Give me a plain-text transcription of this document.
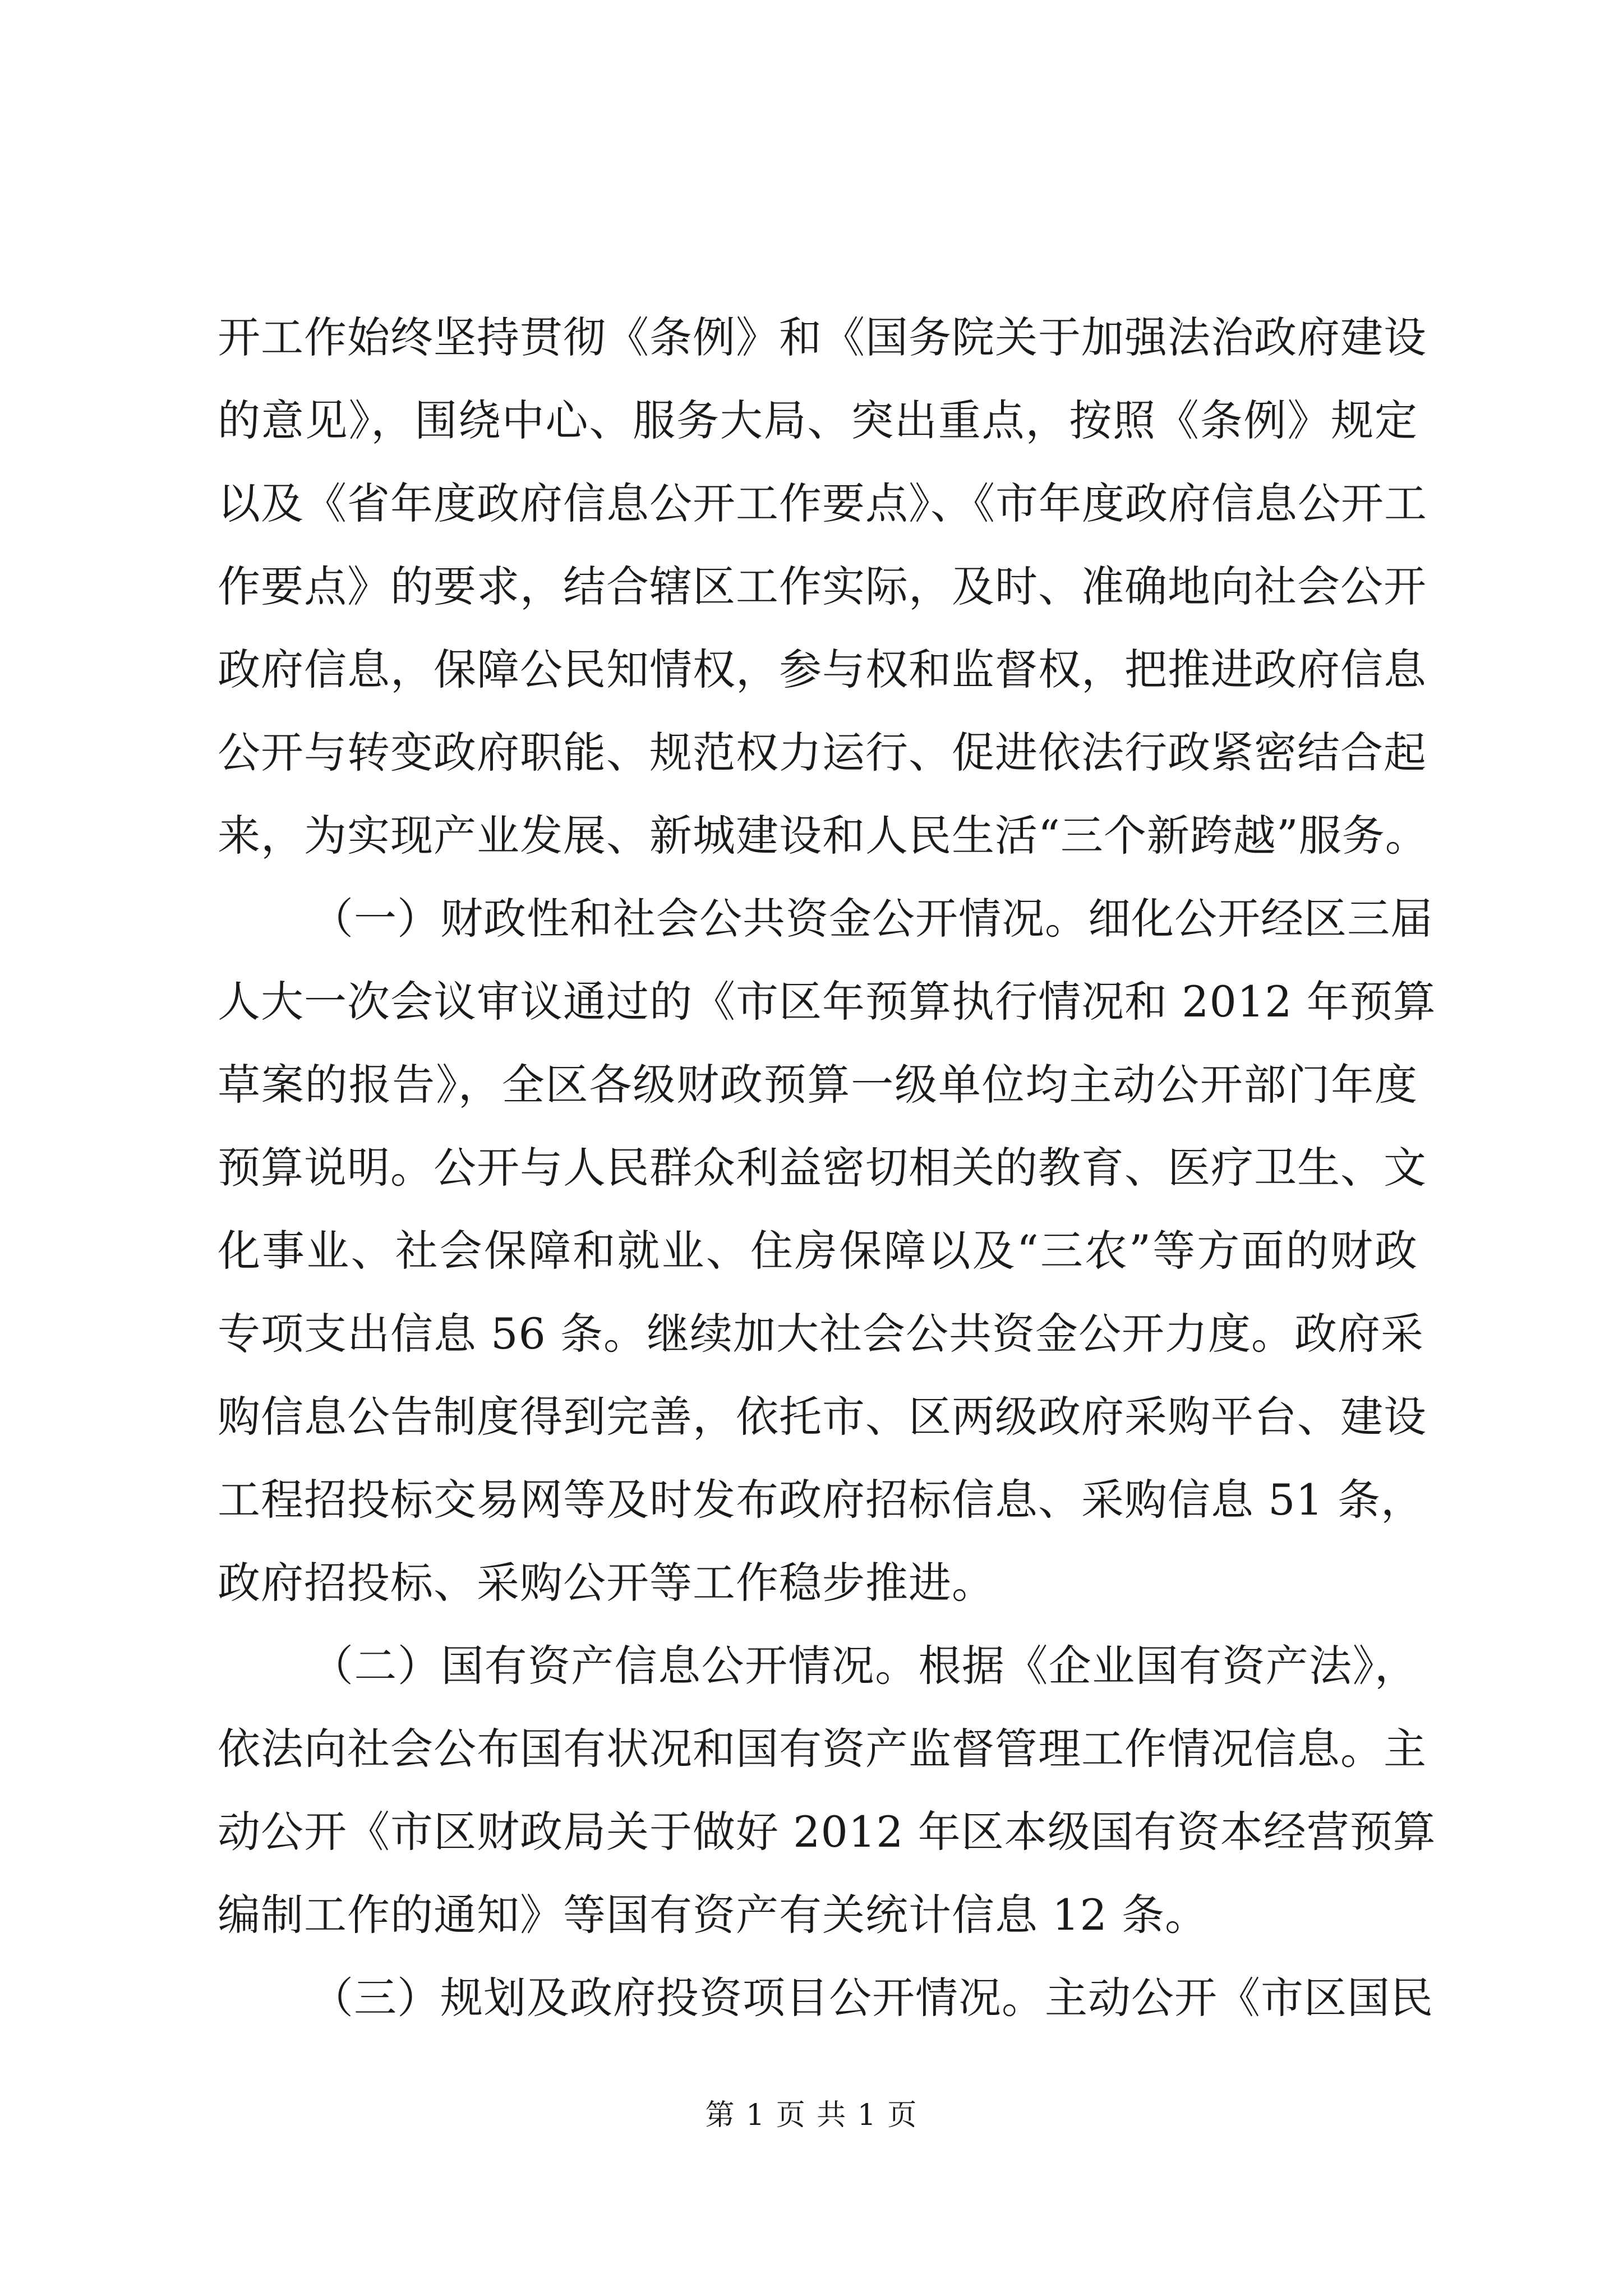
开工作始终坚持贯彻《条例》和《国务院关于加强法治政府建设
的意见》，围绕中心、服务大局、突出重点，按照《条例》规定
以及《省年度政府信息公开工作要点》、《市年度政府信息公开工
作要点》的要求，结合辖区工作实际，及时、准确地向社会公开
政府信息，保障公民知情权，参与权和监督权，把推进政府信息
公开与转变政府职能、规范权力运行、促进依法行政紧密结合起
来，为实现产业发展、新城建设和人民生活“三个新跨越”服务。
（一）财政性和社会公共资金公开情况。细化公开经区三届
人大一次会议审议通过的《市区年预算执行情况和 2012 年预算
草案的报告》，全区各级财政预算一级单位均主动公开部门年度
预算说明。公开与人民群众利益密切相关的教育、医疗卫生、文
化事业、社会保障和就业、住房保障以及“三农”等方面的财政
专项支出信息 56 条。继续加大社会公共资金公开力度。政府采
购信息公告制度得到完善，依托市、区两级政府采购平台、建设
工程招投标交易网等及时发布政府招标信息、采购信息 51 条，
政府招投标、采购公开等工作稳步推进。
（二）国有资产信息公开情况。根据《企业国有资产法》，
依法向社会公布国有状况和国有资产监督管理工作情况信息。主
动公开《市区财政局关于做好 2012 年区本级国有资本经营预算
编制工作的通知》等国有资产有关统计信息 12 条。
（三）规划及政府投资项目公开情况。主动公开《市区国民
第 1 页 共 1 页
